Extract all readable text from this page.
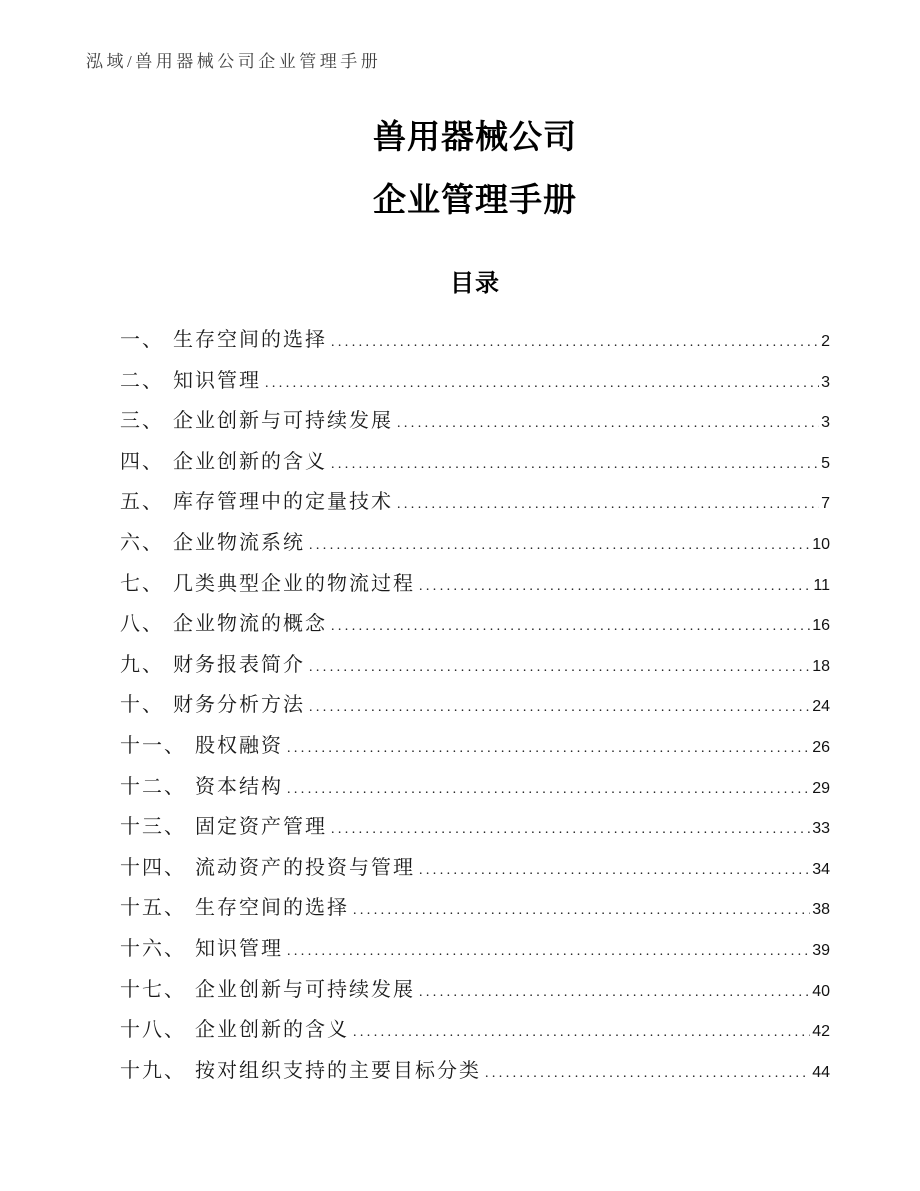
泓域/兽用器械公司企业管理手册
兽用器械公司
企业管理手册
目录
一、 生存空间的选择 .....	2
二、 知识管理 .....	3
三、 企业创新与可持续发展 .....	3
四、 企业创新的含义 .....	5
五、 库存管理中的定量技术 .....	7
六、 企业物流系统 .....	10
七、 几类典型企业的物流过程 .....	11
八、 企业物流的概念 .....	16
九、 财务报表简介 .....	18
十、 财务分析方法 .....	24
十一、 股权融资 .....	26
十二、 资本结构 .....	29
十三、 固定资产管理 .....	33
十四、 流动资产的投资与管理 .....	34
十五、 生存空间的选择 .....	38
十六、 知识管理 .....	39
十七、 企业创新与可持续发展 .....	40
十八、 企业创新的含义 .....	42
十九、 按对组织支持的主要目标分类 .....	44
